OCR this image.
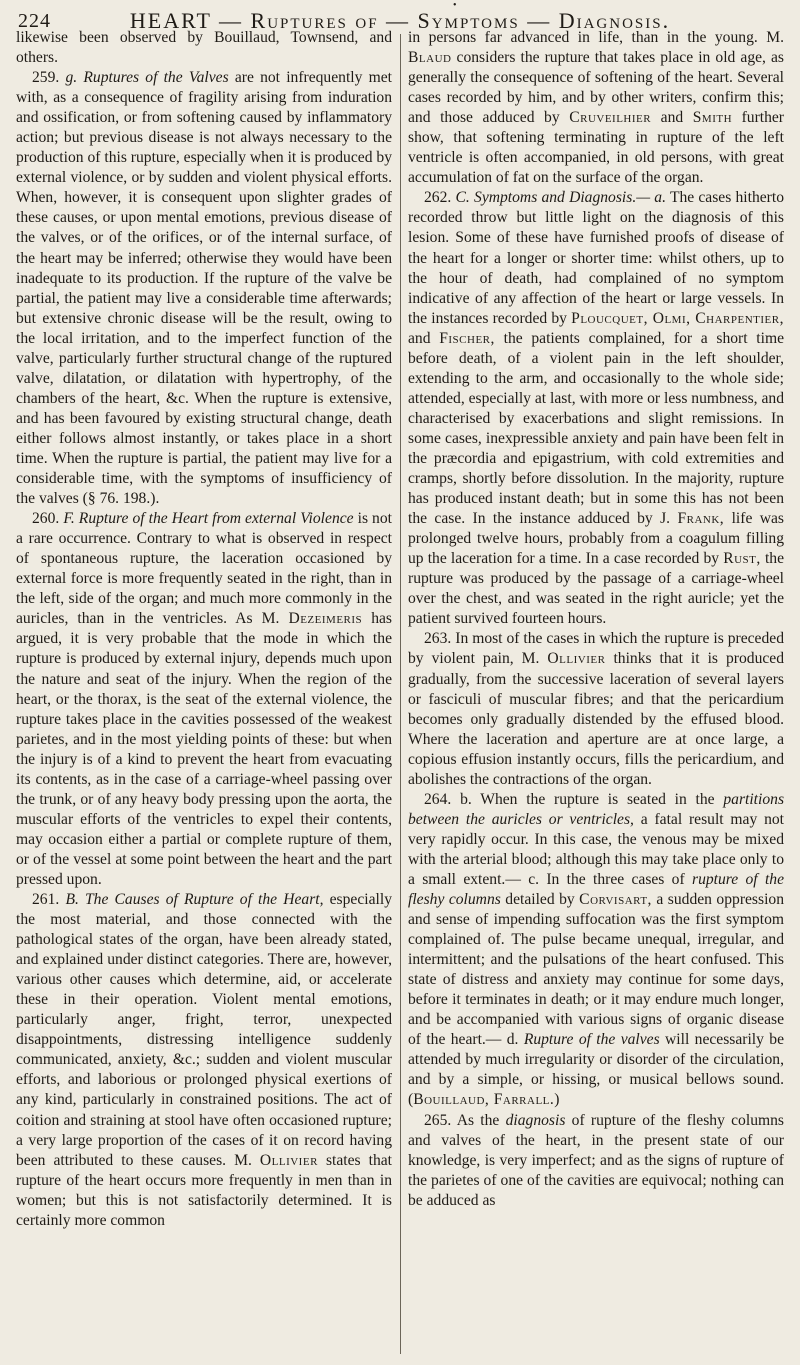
224
•
HEART — Ruptures of — Symptoms — Diagnosis.

likewise been observed by Bouillaud, Townsend, and others.

259. g. Ruptures of the Valves are not infrequently met with, as a consequence of fragility arising from induration and ossification, or from softening caused by inflammatory action; but previous disease is not always necessary to the production of this rupture, especially when it is produced by external violence, or by sudden and violent physical efforts. When, however, it is consequent upon slighter grades of these causes, or upon mental emotions, previous disease of the valves, or of the orifices, or of the internal surface, of the heart may be inferred; otherwise they would have been inadequate to its production. If the rupture of the valve be partial, the patient may live a considerable time afterwards; but extensive chronic disease will be the result, owing to the local irritation, and to the imperfect function of the valve, particularly further structural change of the ruptured valve, dilatation, or dilatation with hypertrophy, of the chambers of the heart, &c. When the rupture is extensive, and has been favoured by existing structural change, death either follows almost instantly, or takes place in a short time. When the rupture is partial, the patient may live for a considerable time, with the symptoms of insufficiency of the valves (§ 76. 198.).

260. F. Rupture of the Heart from external Violence is not a rare occurrence. Contrary to what is observed in respect of spontaneous rupture, the laceration occasioned by external force is more frequently seated in the right, than in the left, side of the organ; and much more commonly in the auricles, than in the ventricles. As M. Dezeimeris has argued, it is very probable that the mode in which the rupture is produced by external injury, depends much upon the nature and seat of the injury. When the region of the heart, or the thorax, is the seat of the external violence, the rupture takes place in the cavities possessed of the weakest parietes, and in the most yielding points of these: but when the injury is of a kind to prevent the heart from evacuating its contents, as in the case of a carriage-wheel passing over the trunk, or of any heavy body pressing upon the aorta, the muscular efforts of the ventricles to expel their contents, may occasion either a partial or complete rupture of them, or of the vessel at some point between the heart and the part pressed upon.

261. B. The Causes of Rupture of the Heart, especially the most material, and those connected with the pathological states of the organ, have been already stated, and explained under distinct categories. There are, however, various other causes which determine, aid, or accelerate these in their operation. Violent mental emotions, particularly anger, fright, terror, unexpected disappointments, distressing intelligence suddenly communicated, anxiety, &c.; sudden and violent muscular efforts, and laborious or prolonged physical exertions of any kind, particularly in constrained positions. The act of coition and straining at stool have often occasioned rupture; a very large proportion of the cases of it on record having been attributed to these causes. M. Ollivier states that rupture of the heart occurs more frequently in men than in women; but this is not satisfactorily determined. It is certainly more common

in persons far advanced in life, than in the young. M. Blaud considers the rupture that takes place in old age, as generally the consequence of softening of the heart. Several cases recorded by him, and by other writers, confirm this; and those adduced by Cruveilhier and Smith further show, that softening terminating in rupture of the left ventricle is often accompanied, in old persons, with great accumulation of fat on the surface of the organ.

262. C. Symptoms and Diagnosis.— a. The cases hitherto recorded throw but little light on the diagnosis of this lesion. Some of these have furnished proofs of disease of the heart for a longer or shorter time: whilst others, up to the hour of death, had complained of no symptom indicative of any affection of the heart or large vessels. In the instances recorded by Ploucquet, Olmi, Charpentier, and Fischer, the patients complained, for a short time before death, of a violent pain in the left shoulder, extending to the arm, and occasionally to the whole side; attended, especially at last, with more or less numbness, and characterised by exacerbations and slight remissions. In some cases, inexpressible anxiety and pain have been felt in the præcordia and epigastrium, with cold extremities and cramps, shortly before dissolution. In the majority, rupture has produced instant death; but in some this has not been the case. In the instance adduced by J. Frank, life was prolonged twelve hours, probably from a coagulum filling up the laceration for a time. In a case recorded by Rust, the rupture was produced by the passage of a carriage-wheel over the chest, and was seated in the right auricle; yet the patient survived fourteen hours.

263. In most of the cases in which the rupture is preceded by violent pain, M. Ollivier thinks that it is produced gradually, from the successive laceration of several layers or fasciculi of muscular fibres; and that the pericardium becomes only gradually distended by the effused blood. Where the laceration and aperture are at once large, a copious effusion instantly occurs, fills the pericardium, and abolishes the contractions of the organ.

264. b. When the rupture is seated in the partitions between the auricles or ventricles, a fatal result may not very rapidly occur. In this case, the venous may be mixed with the arterial blood; although this may take place only to a small extent.— c. In the three cases of rupture of the fleshy columns detailed by Corvisart, a sudden oppression and sense of impending suffocation was the first symptom complained of. The pulse became unequal, irregular, and intermittent; and the pulsations of the heart confused. This state of distress and anxiety may continue for some days, before it terminates in death; or it may endure much longer, and be accompanied with various signs of organic disease of the heart.— d. Rupture of the valves will necessarily be attended by much irregularity or disorder of the circulation, and by a simple, or hissing, or musical bellows sound. (Bouillaud, Farrall.)

265. As the diagnosis of rupture of the fleshy columns and valves of the heart, in the present state of our knowledge, is very imperfect; and as the signs of rupture of the parietes of one of the cavities are equivocal; nothing can be adduced as
